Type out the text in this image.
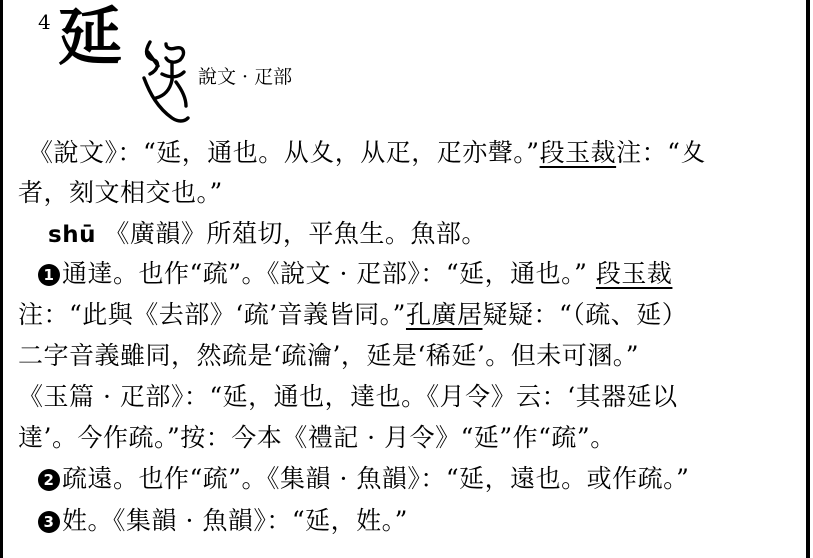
4 延
說文 · 疋部
《說文》：“延，通也。从夊，从疋，疋亦聲。”段玉裁注：“夊
者，刻文相交也。”
shū 《廣韻》所葅切，平魚生。魚部。
1 通達。也作“疏”。《說文 · 疋部》：“延，通也。” 段玉裁
注：“此與《去部》‘疏’音義皆同。”孔廣居疑疑：“（疏、延）
二字音義雖同，然疏是‘疏瀹’，延是‘稀延’。但未可溷。”
《玉篇 · 疋部》：“延，通也，達也。《月令》云：‘其器延以
達’。今作疏。”按：今本《禮記 · 月令》“延”作“疏”。
2 疏遠。也作“疏”。《集韻 · 魚韻》：“延，遠也。或作疏。”
3 姓。《集韻 · 魚韻》：“延，姓。”
